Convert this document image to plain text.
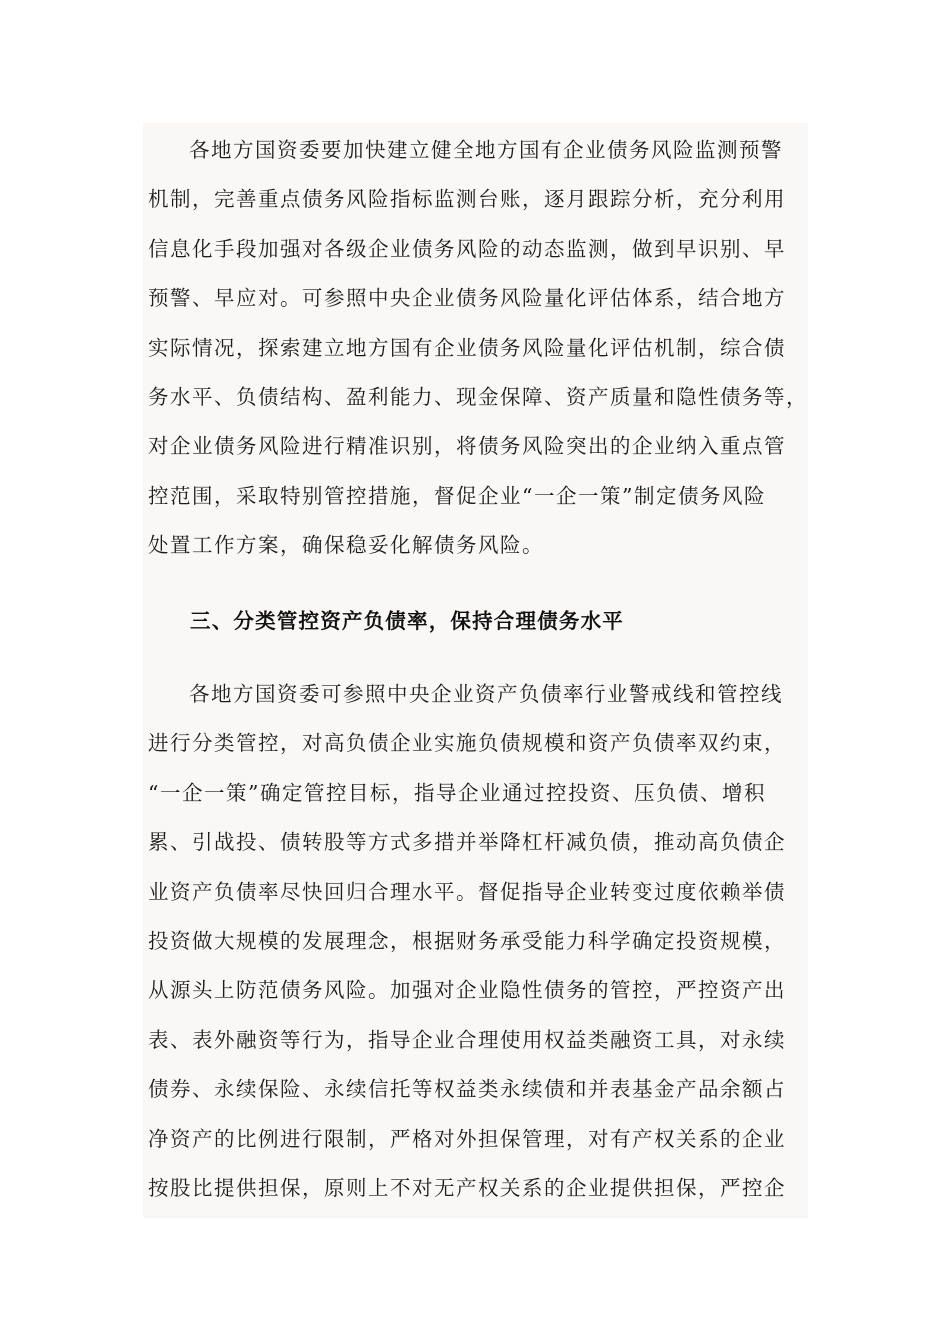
各地方国资委要加快建立健全地方国有企业债务风险监测预警
机制，完善重点债务风险指标监测台账，逐月跟踪分析，充分利用
信息化手段加强对各级企业债务风险的动态监测，做到早识别、早
预警、早应对。可参照中央企业债务风险量化评估体系，结合地方
实际情况，探索建立地方国有企业债务风险量化评估机制，综合债
务水平、负债结构、盈利能力、现金保障、资产质量和隐性债务等，
对企业债务风险进行精准识别，将债务风险突出的企业纳入重点管
控范围，采取特别管控措施，督促企业“一企一策”制定债务风险
处置工作方案，确保稳妥化解债务风险。
三、分类管控资产负债率，保持合理债务水平
各地方国资委可参照中央企业资产负债率行业警戒线和管控线
进行分类管控，对高负债企业实施负债规模和资产负债率双约束，
“一企一策”确定管控目标，指导企业通过控投资、压负债、增积
累、引战投、债转股等方式多措并举降杠杆减负债，推动高负债企
业资产负债率尽快回归合理水平。督促指导企业转变过度依赖举债
投资做大规模的发展理念，根据财务承受能力科学确定投资规模，
从源头上防范债务风险。加强对企业隐性债务的管控，严控资产出
表、表外融资等行为，指导企业合理使用权益类融资工具，对永续
债券、永续保险、永续信托等权益类永续债和并表基金产品余额占
净资产的比例进行限制，严格对外担保管理，对有产权关系的企业
按股比提供担保，原则上不对无产权关系的企业提供担保，严控企
